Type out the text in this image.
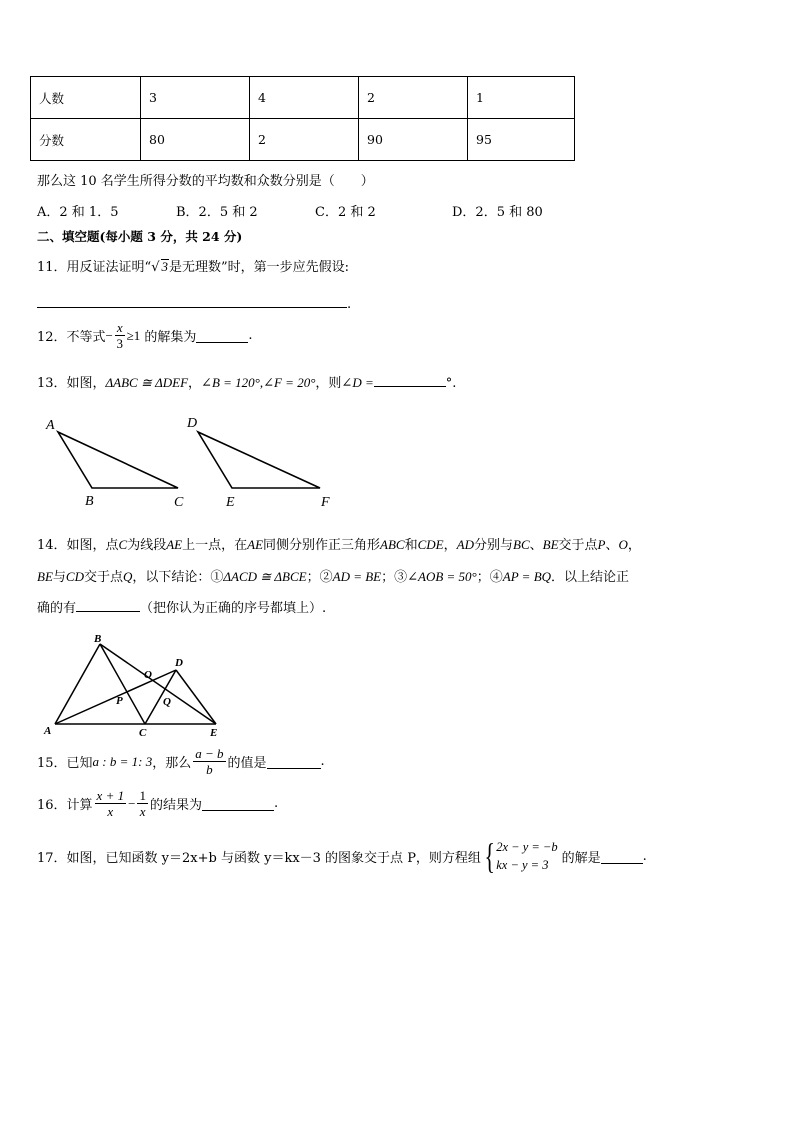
人数	3	4	2	1
分数	80	2	90	95
那么这 10 名学生所得分数的平均数和众数分别是（　　）
A．2 和 1．5	B．2．5 和 2	C．2 和 2	D．2．5 和 80
二、填空题(每小题 3 分，共 24 分)
11．用反证法证明“√ 3是无理数”时，第一步应先假设:
.
12．不等式 − $\frac{x}{3} \ge 1$ 的解集为	.
13．如图，ΔABC ≅ ΔDEF，∠B = 120°,∠F = 20°，则∠D =	°.
A
B	C
D
E	F
14．如图，点C为线段AE上一点，在AE同侧分别作正三角形ABC和CDE，AD分别与BC、BE交于点P、O，
BE与CD交于点Q，以下结论：①ΔACD ≅ ΔBCE；②AD = BE；③∠AOB = 50°；④AP = BQ．以上结论正
确的有	（把你认为正确的序号都填上）.
B
D
O
P	Q
A	C	E
15．已知 a : b = 1: 3 ，那么 $\frac{a - b}{b}$ 的值是	.
16．计算 $\frac{x + 1}{x} - \frac{1}{x}$ 的结果为	.
17．如图，已知函数 y＝2x+b 与函数 y＝kx－3 的图象交于点 P，则方程组 { 2x − y = −b
kx − y = 3	的解是	.
